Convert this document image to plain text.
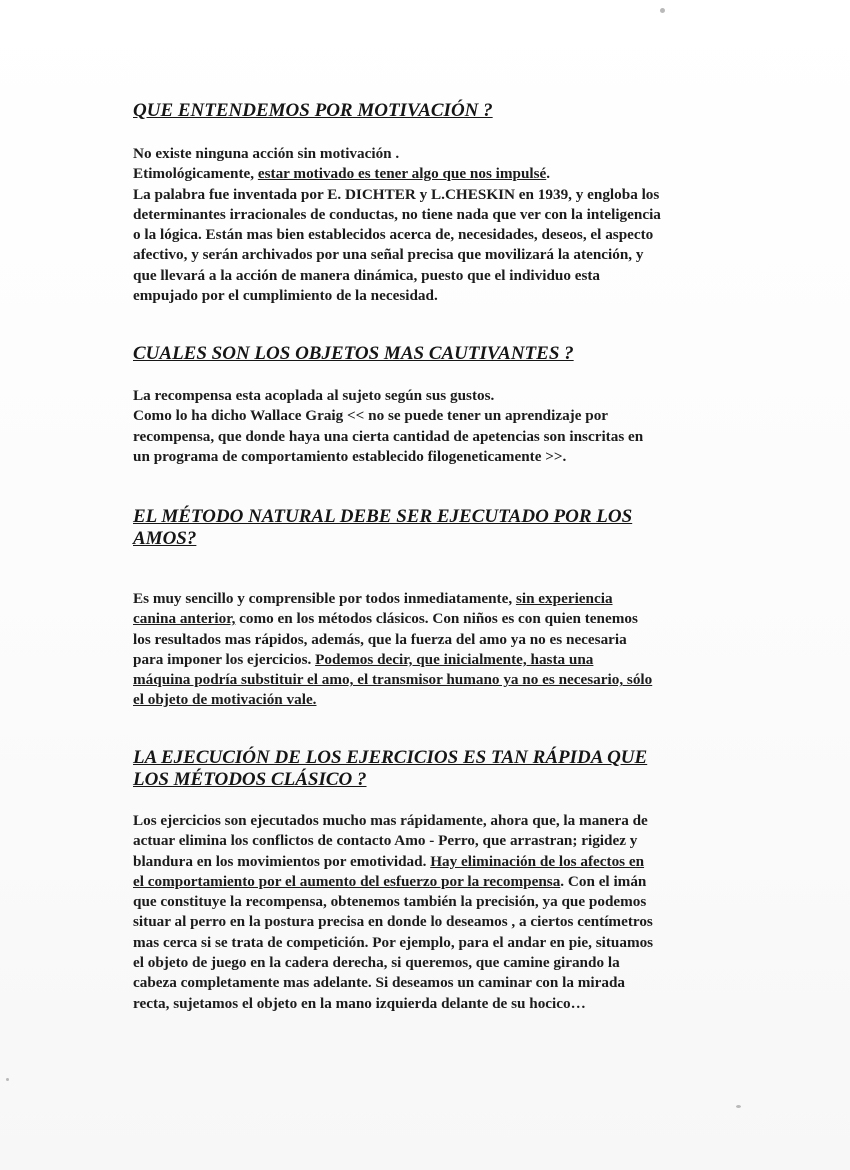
QUE ENTENDEMOS POR MOTIVACIÓN ?

No existe ninguna acción sin motivación .

Etimológicamente, estar motivado es tener algo que nos impulsé.

La palabra fue inventada por E. DICHTER y L.CHESKIN en 1939, y engloba los

determinantes irracionales de conductas, no tiene nada que ver con la inteligencia

o la lógica. Están mas bien establecidos acerca de, necesidades, deseos, el aspecto

afectivo, y serán archivados por una señal precisa que movilizará la atención, y

que llevará a la acción de manera dinámica, puesto que el individuo esta

empujado por el cumplimiento de la necesidad.

CUALES SON LOS OBJETOS MAS CAUTIVANTES ?

La recompensa esta acoplada al sujeto según sus gustos.

Como lo ha dicho Wallace Graig << no se puede tener un aprendizaje por

recompensa, que donde haya una cierta cantidad de apetencias son inscritas en

un programa de comportamiento establecido filogeneticamente >>.

EL MÉTODO NATURAL DEBE SER EJECUTADO POR LOS

AMOS?

Es muy sencillo y comprensible por todos inmediatamente, sin experiencia

canina anterior, como en los métodos clásicos. Con niños es con quien tenemos

los resultados mas rápidos, además, que la fuerza del amo ya no es necesaria

para imponer los ejercicios. Podemos decir, que inicialmente, hasta una

máquina podría substituir el amo, el transmisor humano ya no es necesario, sólo

el objeto de motivación vale.

LA EJECUCIÓN DE LOS EJERCICIOS ES TAN RÁPIDA QUE

LOS MÉTODOS CLÁSICO ?

Los ejercicios son ejecutados mucho mas rápidamente, ahora que, la manera de

actuar elimina los conflictos de contacto Amo - Perro, que arrastran; rigidez y

blandura en los movimientos por emotividad. Hay eliminación de los afectos en

el comportamiento por el aumento del esfuerzo por la recompensa. Con el imán

que constituye la recompensa, obtenemos también la precisión, ya que podemos

situar al perro en la postura precisa en donde lo deseamos , a ciertos centímetros

mas cerca si se trata de competición. Por ejemplo, para el andar en pie, situamos

el objeto de juego en la cadera derecha, si queremos, que camine girando la

cabeza completamente mas adelante. Si deseamos un caminar con la mirada

recta, sujetamos el objeto en la mano izquierda delante de su hocico…
